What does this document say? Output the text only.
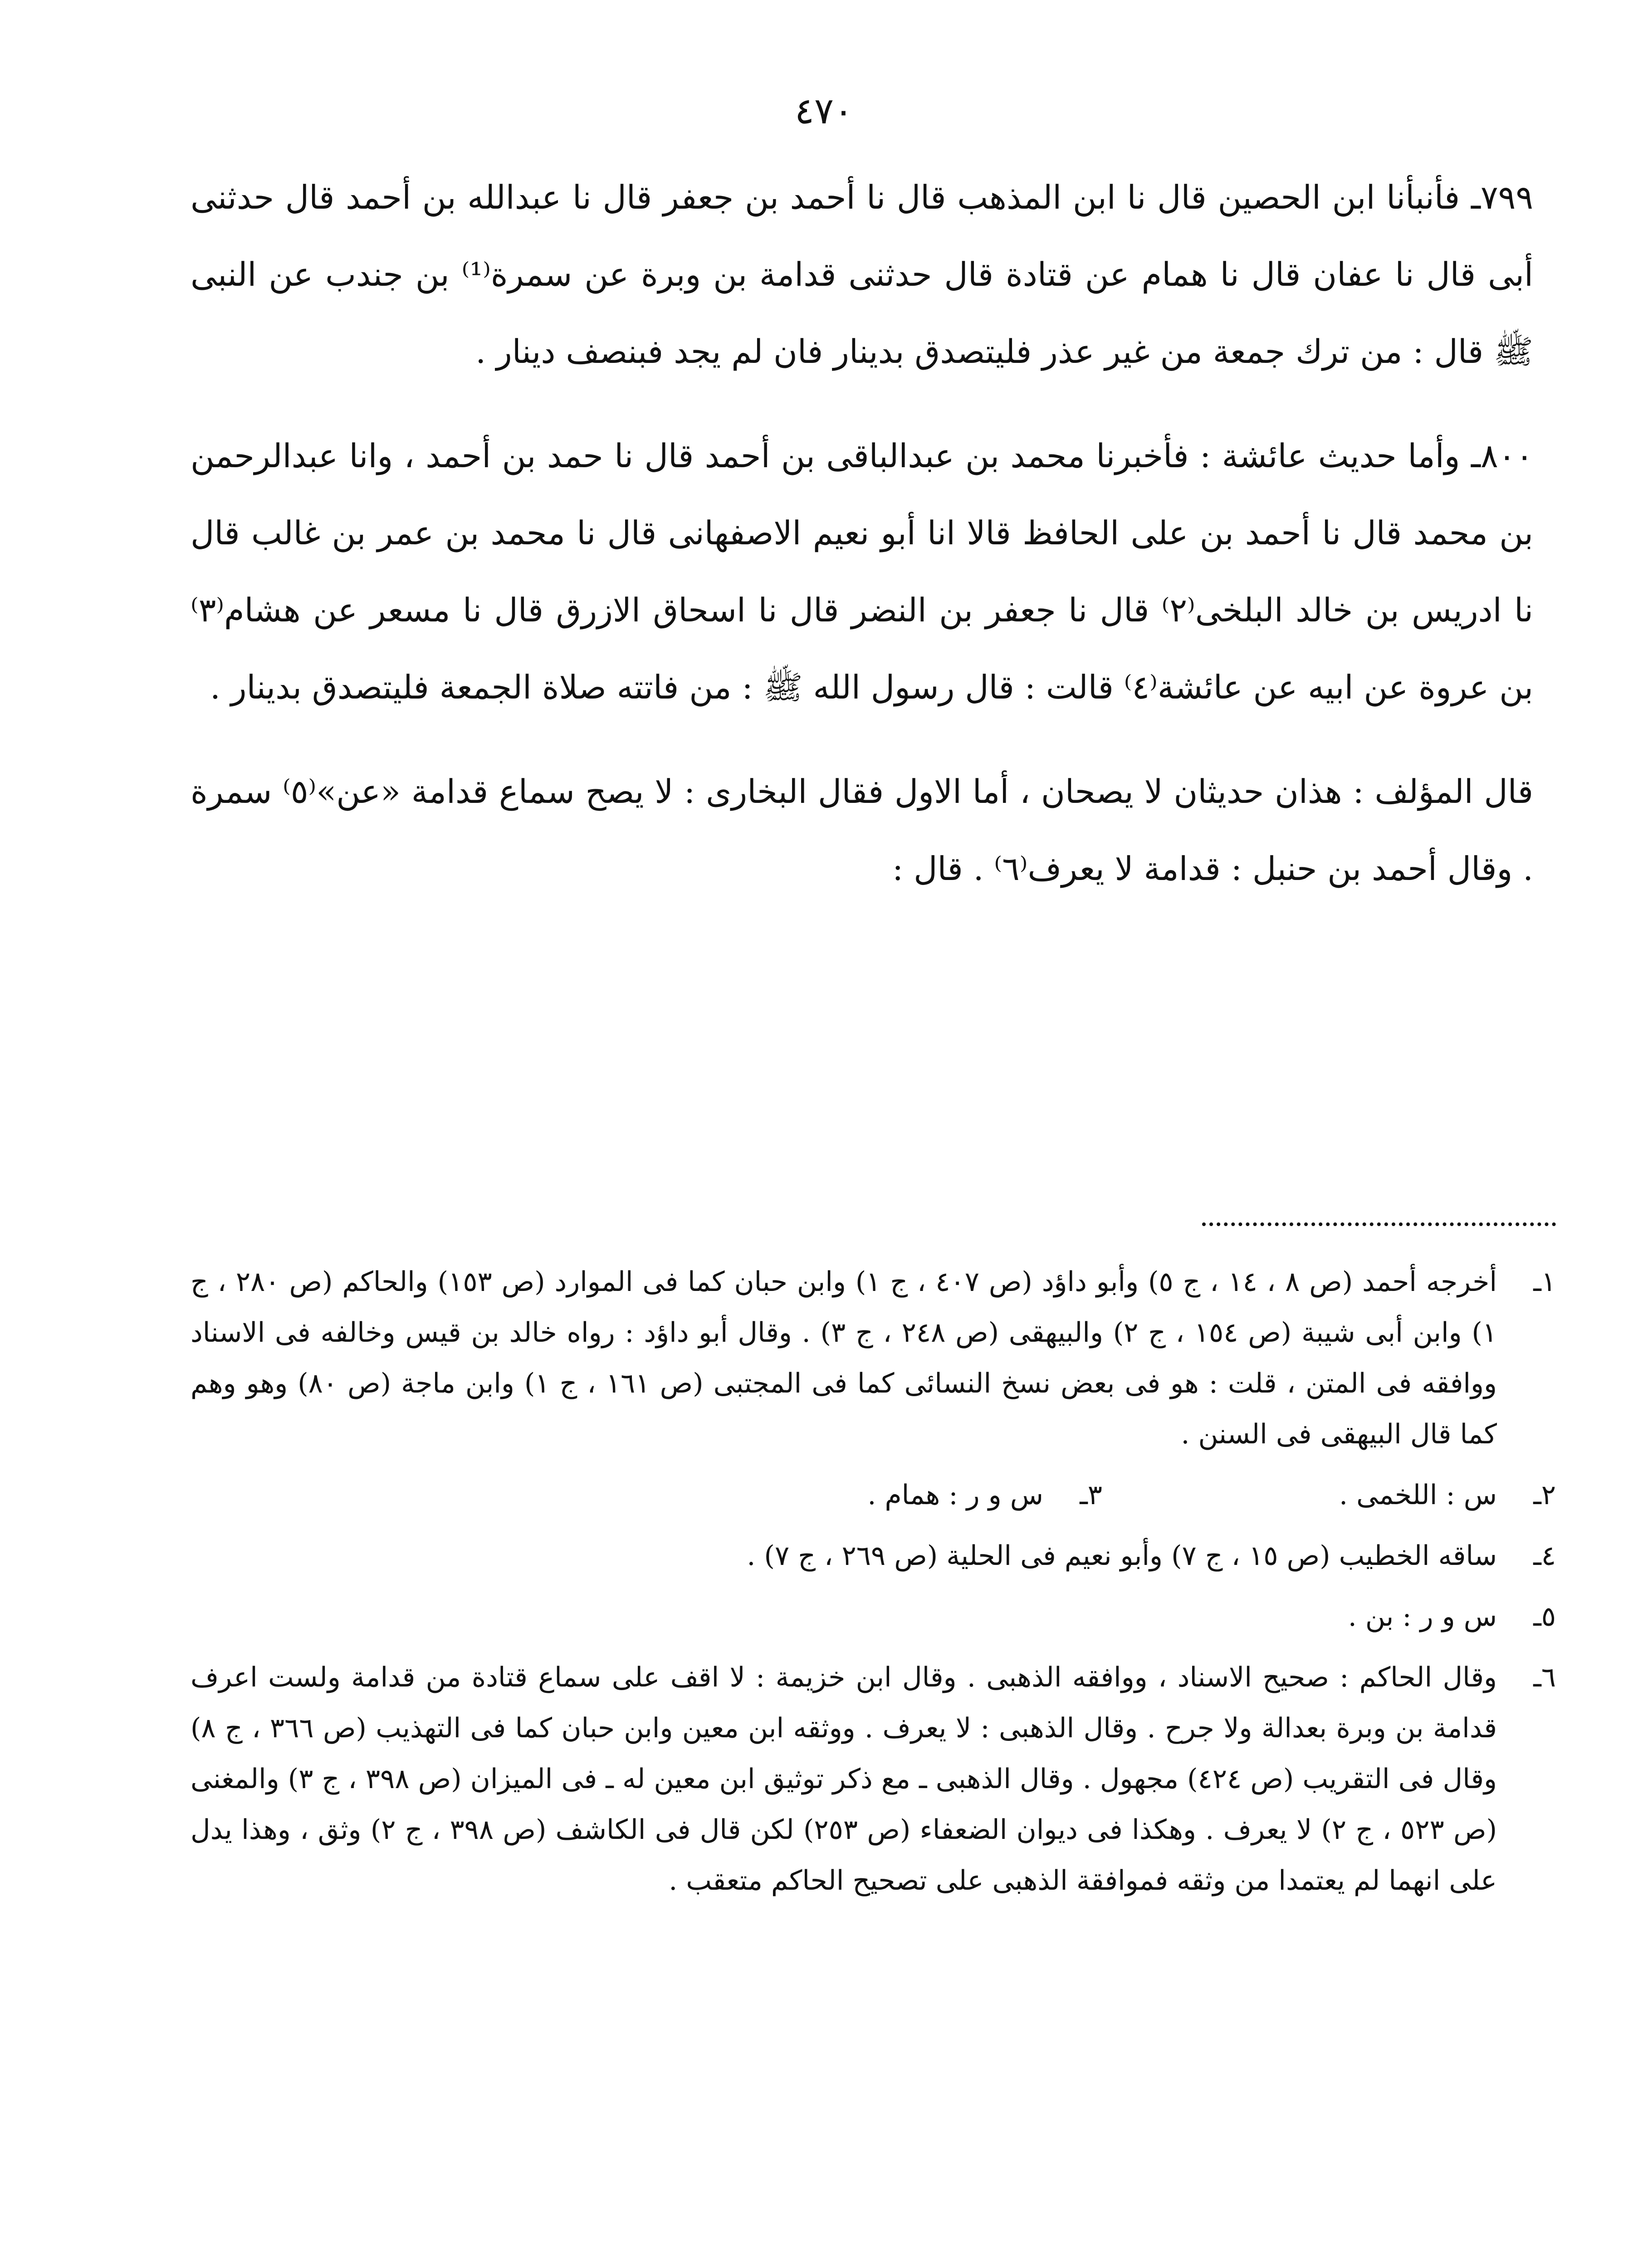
٤٧٠

٧٩٩ـ فأنبأنا ابن الحصين قال نا ابن المذهب قال نا أحمد بن جعفر قال نا عبدالله بن أحمد قال حدثنى أبى قال نا عفان قال نا همام عن قتادة قال حدثنى قدامة بن وبرة عن سمرة⁽¹⁾ بن جندب عن النبى ﷺ قال : من ترك جمعة من غير عذر فليتصدق بدينار فان لم يجد فبنصف دينار .

٨٠٠ـ وأما حديث عائشة : فأخبرنا محمد بن عبدالباقى بن أحمد قال نا حمد بن أحمد ، وانا عبدالرحمن بن محمد قال نا أحمد بن على الحافظ قالا انا أبو نعيم الاصفهانى قال نا محمد بن عمر بن غالب قال نا ادريس بن خالد البلخى⁽٢⁾ قال نا جعفر بن النضر قال نا اسحاق الازرق قال نا مسعر عن هشام⁽٣⁾ بن عروة عن ابيه عن عائشة⁽٤⁾ قالت : قال رسول الله ﷺ : من فاتته صلاة الجمعة فليتصدق بدينار .

قال المؤلف : هذان حديثان لا يصحان ، أما الاول فقال البخارى : لا يصح سماع قدامة «عن»⁽٥⁾ سمرة . وقال أحمد بن حنبل : قدامة لا يعرف⁽٦⁾ . قال :

١ـ
أخرجه أحمد (ص ٨ ، ١٤ ، ج ٥) وأبو داؤد (ص ٤٠٧ ، ج ١) وابن حبان كما فى الموارد (ص ١٥٣) والحاكم (ص ٢٨٠ ، ج ١) وابن أبى شيبة (ص ١٥٤ ، ج ٢) والبيهقى (ص ٢٤٨ ، ج ٣) . وقال أبو داؤد : رواه خالد بن قيس وخالفه فى الاسناد ووافقه فى المتن ، قلت : هو فى بعض نسخ النسائى كما فى المجتبى (ص ١٦١ ، ج ١) وابن ماجة (ص ٨٠) وهو وهم كما قال البيهقى فى السنن .
٢ـ
س : اللخمى .
٣ـ
س و ر : همام .
٤ـ
ساقه الخطيب (ص ١٥ ، ج ٧) وأبو نعيم فى الحلية (ص ٢٦٩ ، ج ٧) .
٥ـ
س و ر : بن .
٦ـ
وقال الحاكم : صحيح الاسناد ، ووافقه الذهبى . وقال ابن خزيمة : لا اقف على سماع قتادة من قدامة ولست اعرف قدامة بن وبرة بعدالة ولا جرح . وقال الذهبى : لا يعرف . ووثقه ابن معين وابن حبان كما فى التهذيب (ص ٣٦٦ ، ج ٨) وقال فى التقريب (ص ٤٢٤) مجهول . وقال الذهبى ـ مع ذكر توثيق ابن معين له ـ فى الميزان (ص ٣٩٨ ، ج ٣) والمغنى (ص ٥٢٣ ، ج ٢) لا يعرف . وهكذا فى ديوان الضعفاء (ص ٢٥٣) لكن قال فى الكاشف (ص ٣٩٨ ، ج ٢) وثق ، وهذا يدل على انهما لم يعتمدا من وثقه فموافقة الذهبى على تصحيح الحاكم متعقب .
